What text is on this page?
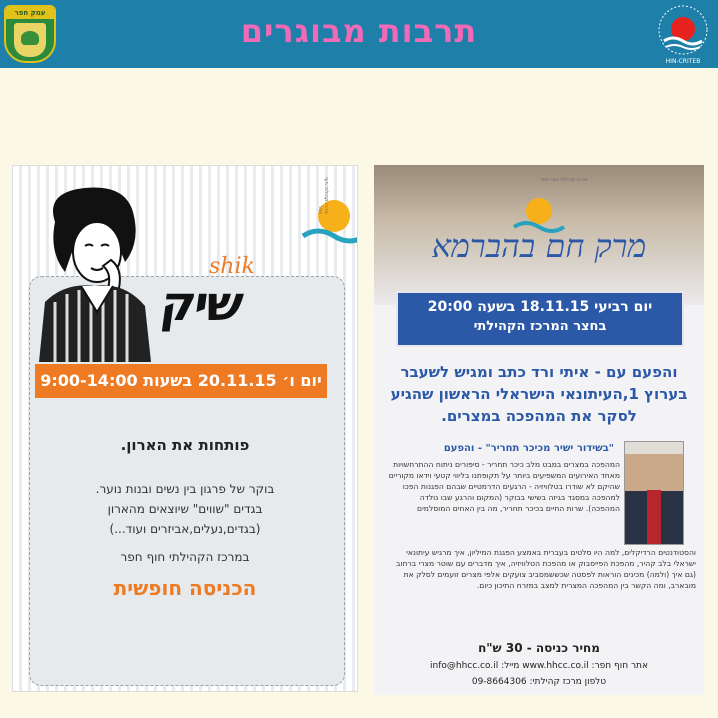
עמק חפר	תרבות מבוגרים
HIN-CRITEB
מרכז קהילתי חוף חפר
shik
שיק
יום ו׳ 20.11.15 בשעות 9:00-14:00
פותחות את הארון.
בוקר של פרגון בין נשים ובנות נוער.
בגדים "שווים" שיוצאים מהארון
(בגדים,נעלים,אביזרים ועוד...)
במרכז הקהילתי חוף חפר
הכניסה חופשית
מרכז קהילתי חוף חפר
מרק חם בהברמא
יום רביעי 18.11.15 בשעה 20:00
בחצר המרכז הקהילתי
והפעם עם - איתי ורד כתב ומגיש לשעבר בערוץ 1,העיתונאי הישראלי הראשון שהגיע לסקר את המהפכה במצרים.
"בשידור ישיר מכיכר תחריר" - והפעם
המהפכה במצרים במבט מלב כיכר תחריר - סיפורים ניתוח ההתרחשויות מאחד האירועים המשפיעים ביותר על תקופתנו בליווי קטעי וידאו מקוריים שהיקם לא שודרו בטלוויזיה - הרגעים הדרמטיים שבהם הפגנות הפכו למהפכה במסגד בגיזה בשישי בבוקר (המקום והרגע שבו נולדה המהפכה). שרות החיים בכיכר תחריר, מה בין האחים המוסלמים
והסטודנטים הרדיקלים, למה היו סלטים בעברית באמצע הפגנת המיליון, איך מרגיש עיתונאי ישראלי בלב קהיר, מהפכת הפייסבוק או מהפכת הטלוויזיה, איך מדברים עם שוטר מצרי ברחוב (גם איך (ולמה) מכינים הוראות לפסטה שכששמסביב צועקים אלפי מצרים זועמים לסלק את מובארב, ומה הקשר בין המהפכה המצרית למצב במזרח התיכון כיום.
מחיר כניסה - 30 ש"ח
אתר חוף חפר: www.hhcc.co.il מייל: info@hhcc.co.il
טלפון מרכז קהילתי: 09-8664306
